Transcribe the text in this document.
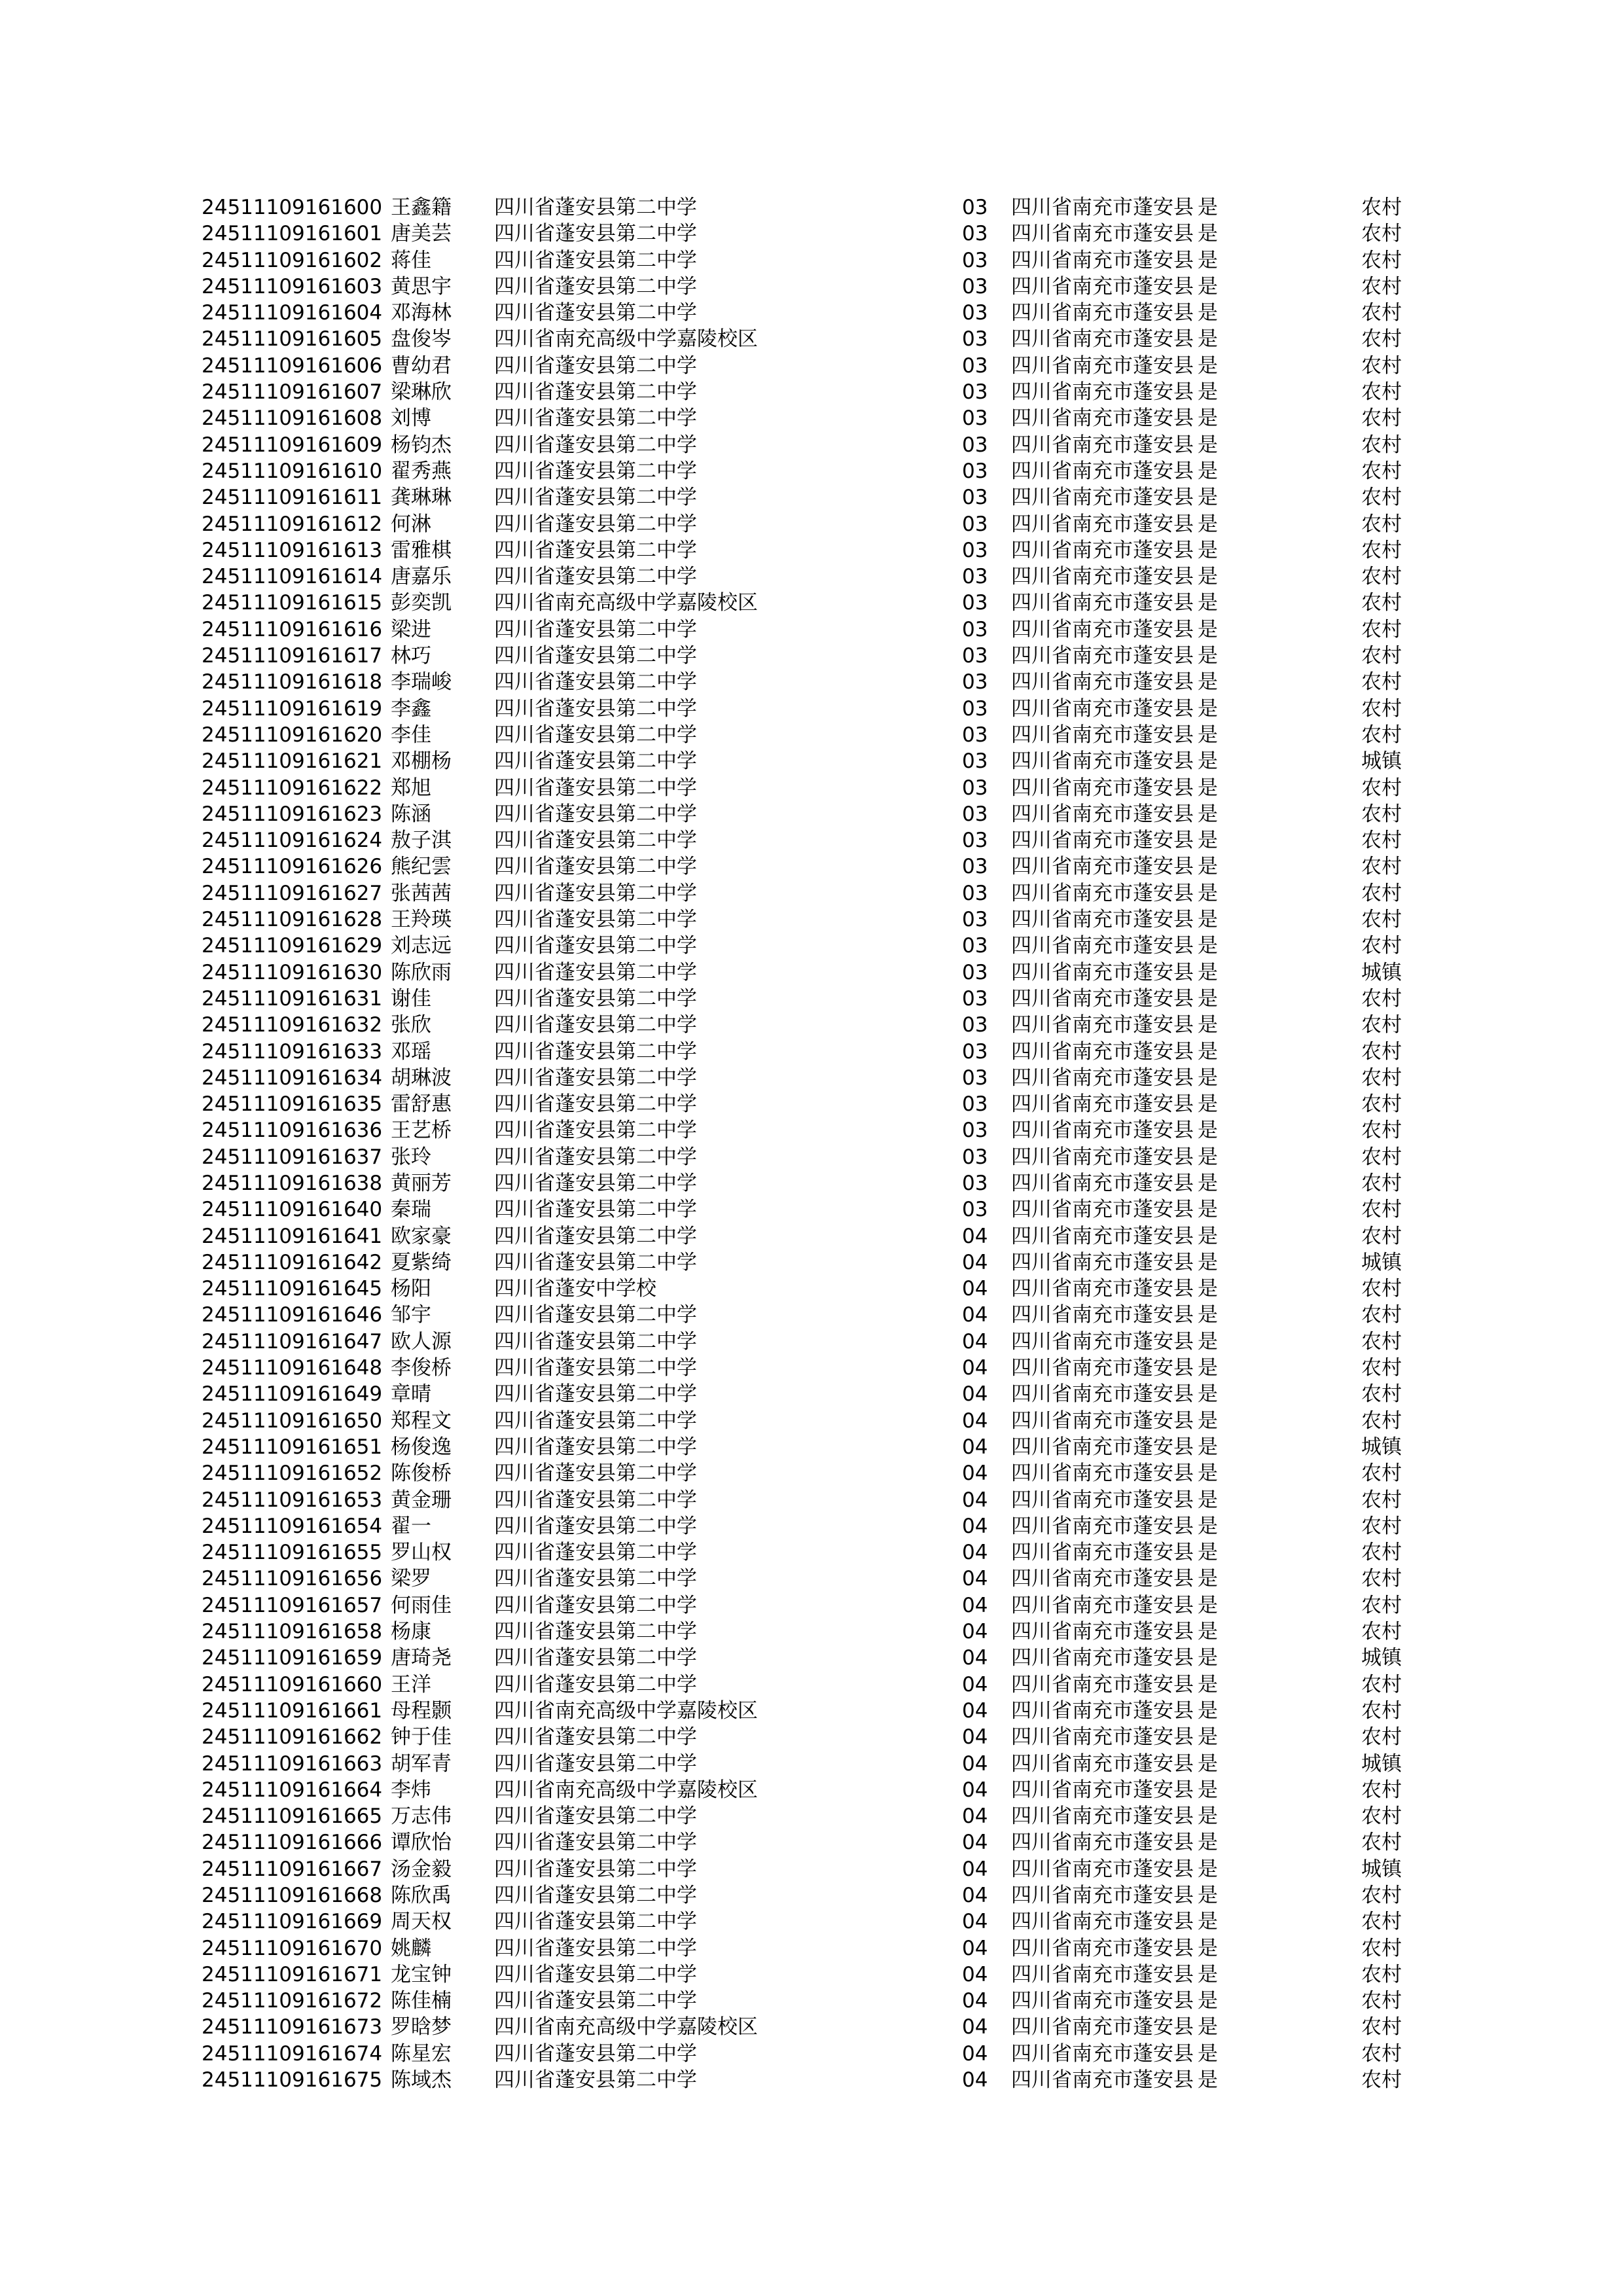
24511109161600 王鑫籍	四川省蓬安县第二中学	03	四川省南充市蓬安县 是	农村
24511109161601 唐美芸	四川省蓬安县第二中学	03	四川省南充市蓬安县 是	农村
24511109161602 蒋佳	四川省蓬安县第二中学	03	四川省南充市蓬安县 是	农村
24511109161603 黄思宇	四川省蓬安县第二中学	03	四川省南充市蓬安县 是	农村
24511109161604 邓海林	四川省蓬安县第二中学	03	四川省南充市蓬安县 是	农村
24511109161605 盘俊岑	四川省南充高级中学嘉陵校区	03	四川省南充市蓬安县 是	农村
24511109161606 曹幼君	四川省蓬安县第二中学	03	四川省南充市蓬安县 是	农村
24511109161607 梁琳欣	四川省蓬安县第二中学	03	四川省南充市蓬安县 是	农村
24511109161608 刘博	四川省蓬安县第二中学	03	四川省南充市蓬安县 是	农村
24511109161609 杨钧杰	四川省蓬安县第二中学	03	四川省南充市蓬安县 是	农村
24511109161610 翟秀燕	四川省蓬安县第二中学	03	四川省南充市蓬安县 是	农村
24511109161611 龚琳琳	四川省蓬安县第二中学	03	四川省南充市蓬安县 是	农村
24511109161612 何淋	四川省蓬安县第二中学	03	四川省南充市蓬安县 是	农村
24511109161613 雷雅棋	四川省蓬安县第二中学	03	四川省南充市蓬安县 是	农村
24511109161614 唐嘉乐	四川省蓬安县第二中学	03	四川省南充市蓬安县 是	农村
24511109161615 彭奕凯	四川省南充高级中学嘉陵校区	03	四川省南充市蓬安县 是	农村
24511109161616 梁进	四川省蓬安县第二中学	03	四川省南充市蓬安县 是	农村
24511109161617 林巧	四川省蓬安县第二中学	03	四川省南充市蓬安县 是	农村
24511109161618 李瑞峻	四川省蓬安县第二中学	03	四川省南充市蓬安县 是	农村
24511109161619 李鑫	四川省蓬安县第二中学	03	四川省南充市蓬安县 是	农村
24511109161620 李佳	四川省蓬安县第二中学	03	四川省南充市蓬安县 是	农村
24511109161621 邓棚杨	四川省蓬安县第二中学	03	四川省南充市蓬安县 是	城镇
24511109161622 郑旭	四川省蓬安县第二中学	03	四川省南充市蓬安县 是	农村
24511109161623 陈涵	四川省蓬安县第二中学	03	四川省南充市蓬安县 是	农村
24511109161624 敖子淇	四川省蓬安县第二中学	03	四川省南充市蓬安县 是	农村
24511109161626 熊纪雲	四川省蓬安县第二中学	03	四川省南充市蓬安县 是	农村
24511109161627 张茜茜	四川省蓬安县第二中学	03	四川省南充市蓬安县 是	农村
24511109161628 王羚瑛	四川省蓬安县第二中学	03	四川省南充市蓬安县 是	农村
24511109161629 刘志远	四川省蓬安县第二中学	03	四川省南充市蓬安县 是	农村
24511109161630 陈欣雨	四川省蓬安县第二中学	03	四川省南充市蓬安县 是	城镇
24511109161631 谢佳	四川省蓬安县第二中学	03	四川省南充市蓬安县 是	农村
24511109161632 张欣	四川省蓬安县第二中学	03	四川省南充市蓬安县 是	农村
24511109161633 邓瑶	四川省蓬安县第二中学	03	四川省南充市蓬安县 是	农村
24511109161634 胡琳波	四川省蓬安县第二中学	03	四川省南充市蓬安县 是	农村
24511109161635 雷舒惠	四川省蓬安县第二中学	03	四川省南充市蓬安县 是	农村
24511109161636 王艺桥	四川省蓬安县第二中学	03	四川省南充市蓬安县 是	农村
24511109161637 张玲	四川省蓬安县第二中学	03	四川省南充市蓬安县 是	农村
24511109161638 黄丽芳	四川省蓬安县第二中学	03	四川省南充市蓬安县 是	农村
24511109161640 秦瑞	四川省蓬安县第二中学	03	四川省南充市蓬安县 是	农村
24511109161641 欧家豪	四川省蓬安县第二中学	04	四川省南充市蓬安县 是	农村
24511109161642 夏紫绮	四川省蓬安县第二中学	04	四川省南充市蓬安县 是	城镇
24511109161645 杨阳	四川省蓬安中学校	04	四川省南充市蓬安县 是	农村
24511109161646 邹宇	四川省蓬安县第二中学	04	四川省南充市蓬安县 是	农村
24511109161647 欧人源	四川省蓬安县第二中学	04	四川省南充市蓬安县 是	农村
24511109161648 李俊桥	四川省蓬安县第二中学	04	四川省南充市蓬安县 是	农村
24511109161649 章晴	四川省蓬安县第二中学	04	四川省南充市蓬安县 是	农村
24511109161650 郑程文	四川省蓬安县第二中学	04	四川省南充市蓬安县 是	农村
24511109161651 杨俊逸	四川省蓬安县第二中学	04	四川省南充市蓬安县 是	城镇
24511109161652 陈俊桥	四川省蓬安县第二中学	04	四川省南充市蓬安县 是	农村
24511109161653 黄金珊	四川省蓬安县第二中学	04	四川省南充市蓬安县 是	农村
24511109161654 翟一	四川省蓬安县第二中学	04	四川省南充市蓬安县 是	农村
24511109161655 罗山权	四川省蓬安县第二中学	04	四川省南充市蓬安县 是	农村
24511109161656 梁罗	四川省蓬安县第二中学	04	四川省南充市蓬安县 是	农村
24511109161657 何雨佳	四川省蓬安县第二中学	04	四川省南充市蓬安县 是	农村
24511109161658 杨康	四川省蓬安县第二中学	04	四川省南充市蓬安县 是	农村
24511109161659 唐琦尧	四川省蓬安县第二中学	04	四川省南充市蓬安县 是	城镇
24511109161660 王洋	四川省蓬安县第二中学	04	四川省南充市蓬安县 是	农村
24511109161661 母程颢	四川省南充高级中学嘉陵校区	04	四川省南充市蓬安县 是	农村
24511109161662 钟于佳	四川省蓬安县第二中学	04	四川省南充市蓬安县 是	农村
24511109161663 胡军青	四川省蓬安县第二中学	04	四川省南充市蓬安县 是	城镇
24511109161664 李炜	四川省南充高级中学嘉陵校区	04	四川省南充市蓬安县 是	农村
24511109161665 万志伟	四川省蓬安县第二中学	04	四川省南充市蓬安县 是	农村
24511109161666 谭欣怡	四川省蓬安县第二中学	04	四川省南充市蓬安县 是	农村
24511109161667 汤金毅	四川省蓬安县第二中学	04	四川省南充市蓬安县 是	城镇
24511109161668 陈欣禹	四川省蓬安县第二中学	04	四川省南充市蓬安县 是	农村
24511109161669 周天权	四川省蓬安县第二中学	04	四川省南充市蓬安县 是	农村
24511109161670 姚麟	四川省蓬安县第二中学	04	四川省南充市蓬安县 是	农村
24511109161671 龙宝钟	四川省蓬安县第二中学	04	四川省南充市蓬安县 是	农村
24511109161672 陈佳楠	四川省蓬安县第二中学	04	四川省南充市蓬安县 是	农村
24511109161673 罗晗梦	四川省南充高级中学嘉陵校区	04	四川省南充市蓬安县 是	农村
24511109161674 陈星宏	四川省蓬安县第二中学	04	四川省南充市蓬安县 是	农村
24511109161675 陈域杰	四川省蓬安县第二中学	04	四川省南充市蓬安县 是	农村
